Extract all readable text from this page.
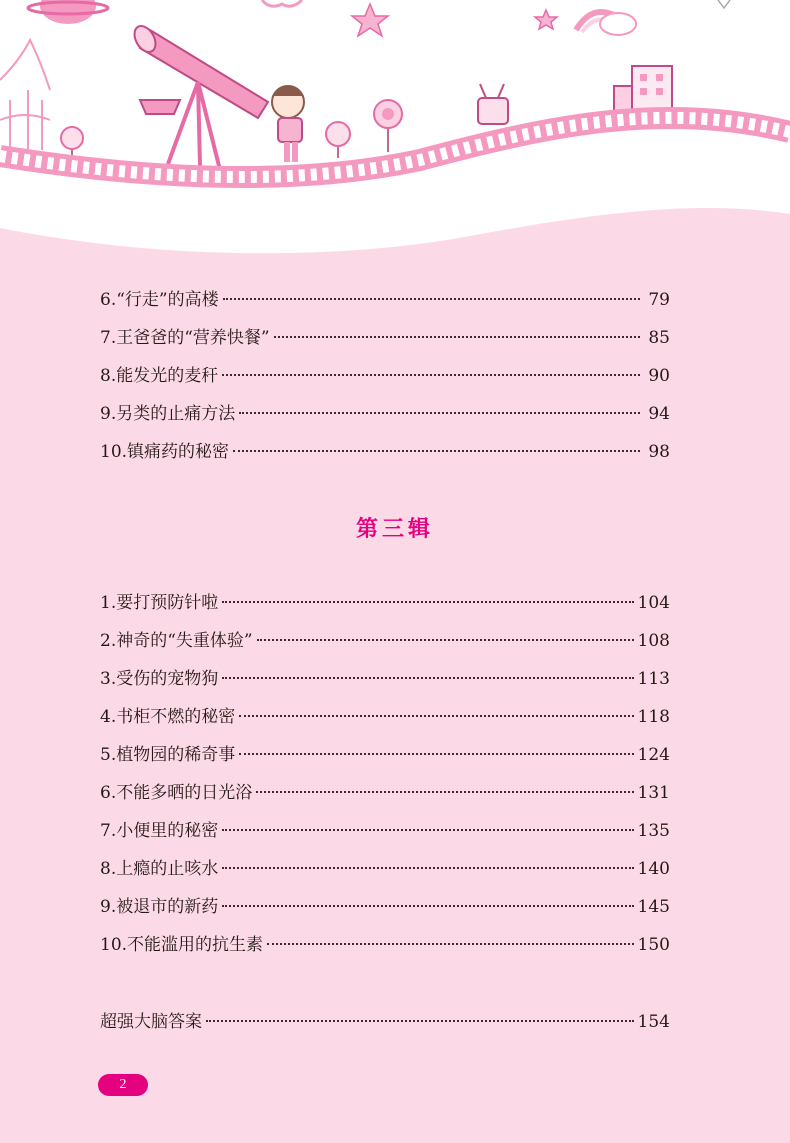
6.“行走”的高楼	79
7.王爸爸的“营养快餐”	85
8.能发光的麦秆	90
9.另类的止痛方法	94
10.镇痛药的秘密	98
第三辑
1.要打预防针啦	104
2.神奇的“失重体验”	108
3.受伤的宠物狗	113
4.书柜不燃的秘密	118
5.植物园的稀奇事	124
6.不能多晒的日光浴	131
7.小便里的秘密	135
8.上瘾的止咳水	140
9.被退市的新药	145
10.不能滥用的抗生素	150
超强大脑答案	154
2
